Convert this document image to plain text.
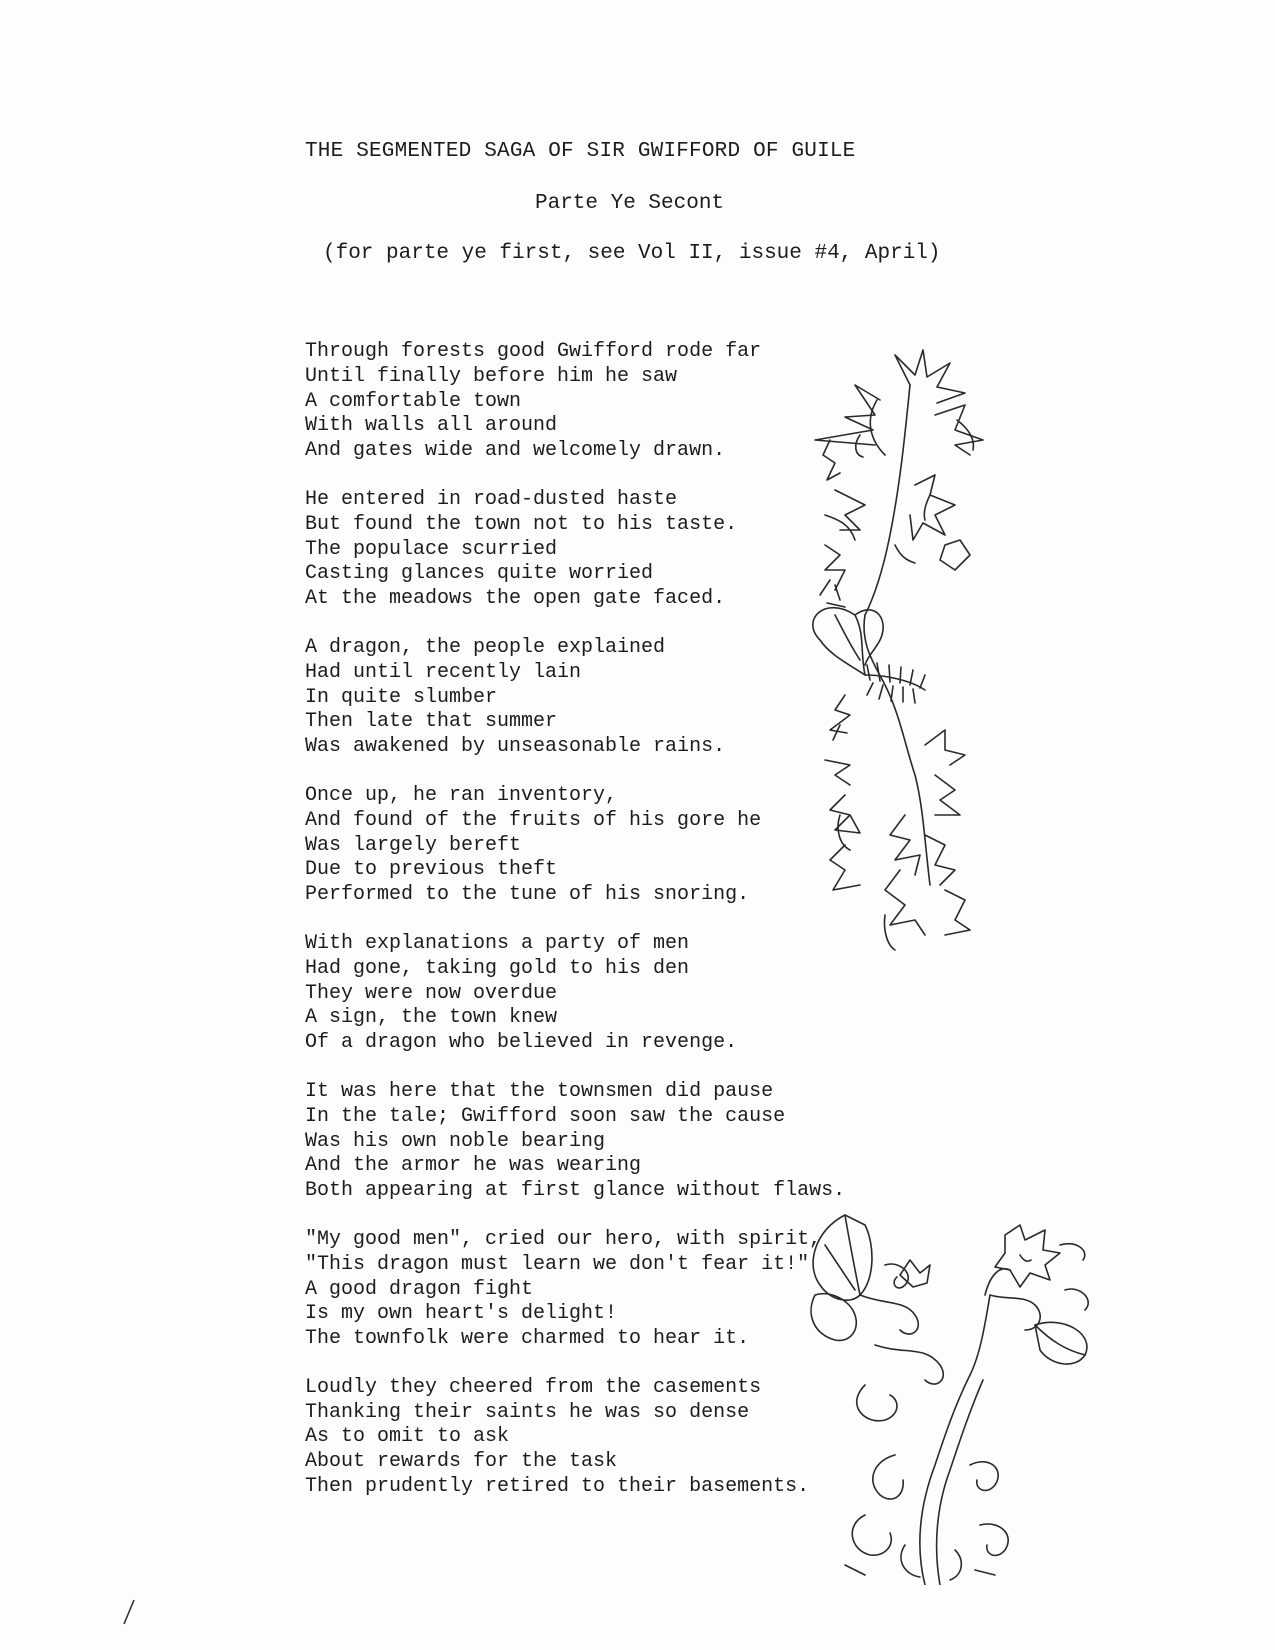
THE SEGMENTED SAGA OF SIR GWIFFORD OF GUILE
Parte Ye Secont
(for parte ye first, see Vol II, issue #4, April)
Through forests good Gwifford rode far
Until finally before him he saw
A comfortable town
With walls all around
And gates wide and welcomely drawn.
He entered in road-dusted haste
But found the town not to his taste.
The populace scurried
Casting glances quite worried
At the meadows the open gate faced.
A dragon, the people explained
Had until recently lain
In quite slumber
Then late that summer
Was awakened by unseasonable rains.
Once up, he ran inventory,
And found of the fruits of his gore he
Was largely bereft
Due to previous theft
Performed to the tune of his snoring.
With explanations a party of men
Had gone, taking gold to his den
They were now overdue
A sign, the town knew
Of a dragon who believed in revenge.
It was here that the townsmen did pause
In the tale; Gwifford soon saw the cause
Was his own noble bearing
And the armor he was wearing
Both appearing at first glance without flaws.
"My good men", cried our hero, with spirit,
"This dragon must learn we don't fear it!"
A good dragon fight
Is my own heart's delight!
The townfolk were charmed to hear it.
Loudly they cheered from the casements
Thanking their saints he was so dense
As to omit to ask
About rewards for the task
Then prudently retired to their basements.
